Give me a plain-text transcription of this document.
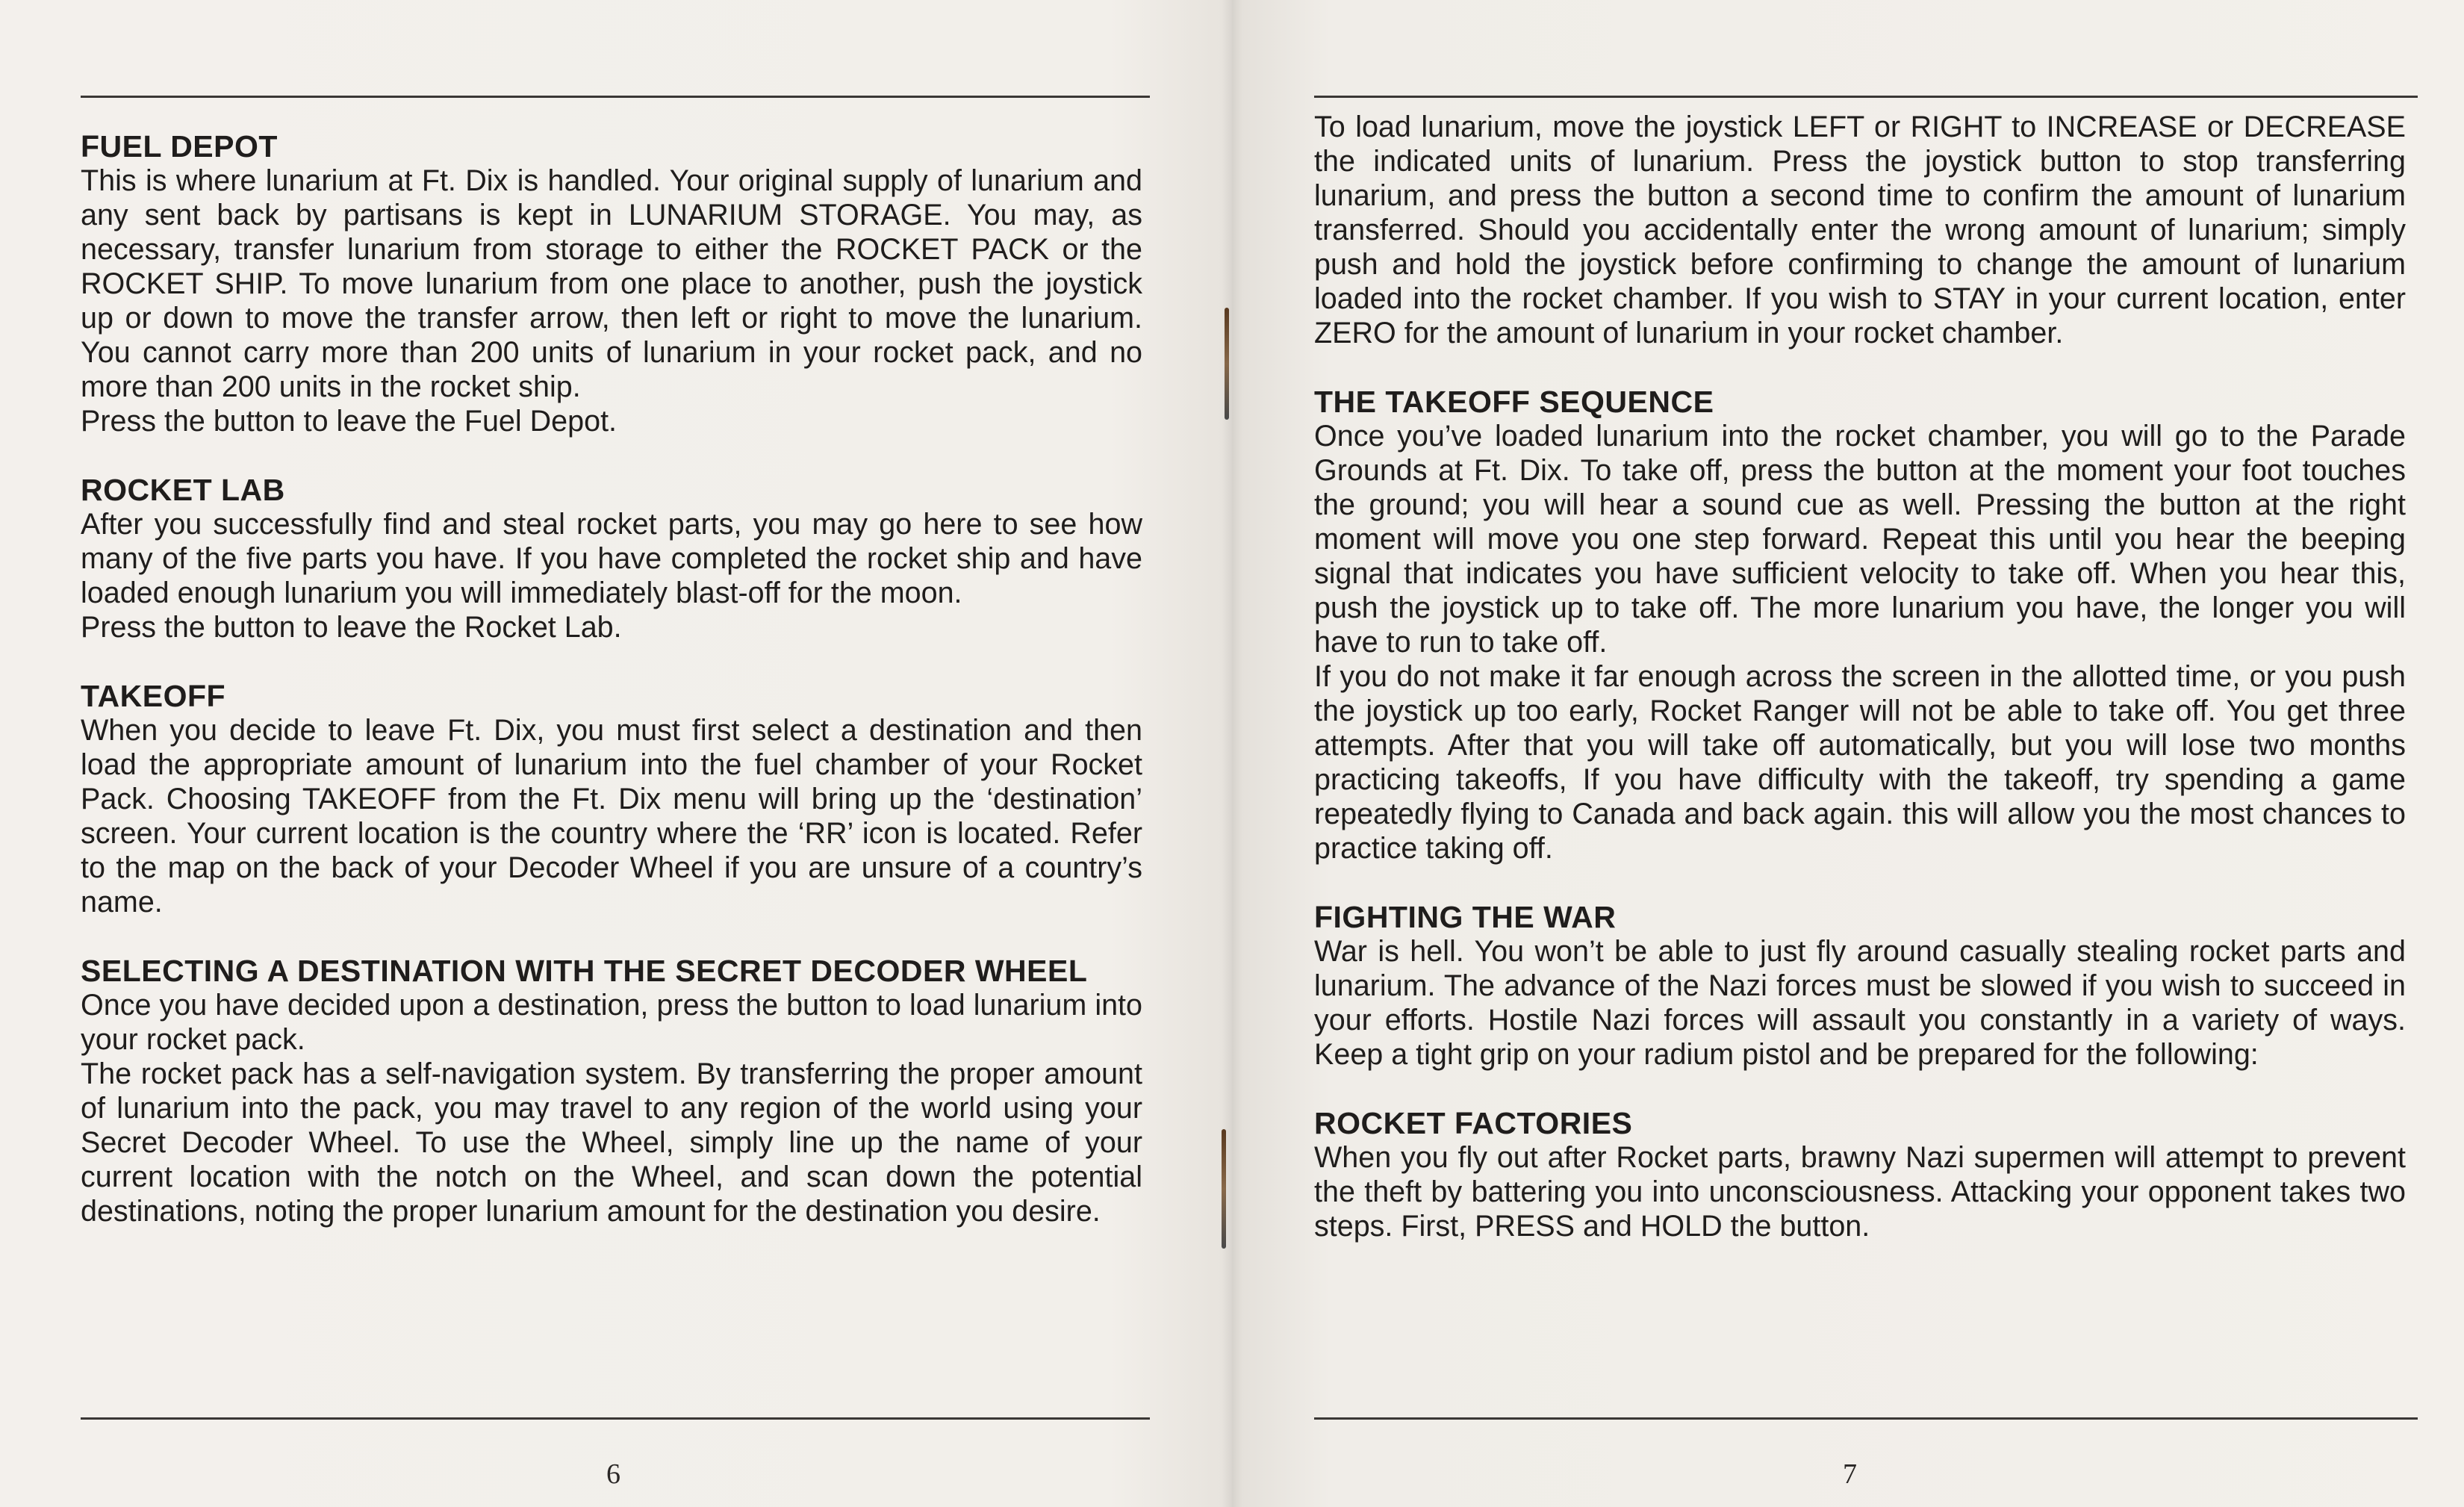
FUEL DEPOT

This is where lunarium at Ft. Dix is handled. Your original supply of lunarium and any sent back by partisans is kept in LUNARIUM STORAGE. You may, as necessary, transfer lunarium from storage to either the ROCKET PACK or the ROCKET SHIP. To move lunarium from one place to another, push the joystick up or down to move the transfer arrow, then left or right to move the lunarium. You cannot carry more than 200 units of lunarium in your rocket pack, and no more than 200 units in the rocket ship.

Press the button to leave the Fuel Depot.

ROCKET LAB

After you successfully find and steal rocket parts, you may go here to see how many of the five parts you have. If you have completed the rocket ship and have loaded enough lunarium you will immediately blast-off for the moon.

Press the button to leave the Rocket Lab.

TAKEOFF

When you decide to leave Ft. Dix, you must first select a destination and then load the appropriate amount of lunarium into the fuel chamber of your Rocket Pack. Choosing TAKEOFF from the Ft. Dix menu will bring up the ‘destination’ screen. Your current location is the country where the ‘RR’ icon is located. Refer to the map on the back of your Decoder Wheel if you are unsure of a country’s name.

SELECTING A DESTINATION WITH THE SECRET DECODER WHEEL

Once you have decided upon a destination, press the button to load lunarium into your rocket pack.

The rocket pack has a self-navigation system. By transferring the proper amount of lunarium into the pack, you may travel to any region of the world using your Secret Decoder Wheel. To use the Wheel, simply line up the name of your current location with the notch on the Wheel, and scan down the potential destinations, noting the proper lunarium amount for the destination you desire.

6

To load lunarium, move the joystick LEFT or RIGHT to INCREASE or DECREASE the indicated units of lunarium. Press the joystick button to stop transferring lunarium, and press the button a second time to confirm the amount of lunarium transferred. Should you accidentally enter the wrong amount of lunarium; simply push and hold the joystick before confirming to change the amount of lunarium loaded into the rocket chamber. If you wish to STAY in your current location, enter ZERO for the amount of lunarium in your rocket chamber.

THE TAKEOFF SEQUENCE

Once you’ve loaded lunarium into the rocket chamber, you will go to the Parade Grounds at Ft. Dix. To take off, press the button at the moment your foot touches the ground; you will hear a sound cue as well. Pressing the button at the right moment will move you one step forward. Repeat this until you hear the beeping signal that indicates you have sufficient velocity to take off. When you hear this, push the joystick up to take off. The more lunarium you have, the longer you will have to run to take off.

If you do not make it far enough across the screen in the allotted time, or you push the joystick up too early, Rocket Ranger will not be able to take off. You get three attempts. After that you will take off automatically, but you will lose two months practicing takeoffs, If you have difficulty with the takeoff, try spending a game repeatedly flying to Canada and back again. this will allow you the most chances to practice taking off.

FIGHTING THE WAR

War is hell. You won’t be able to just fly around casually stealing rocket parts and lunarium. The advance of the Nazi forces must be slowed if you wish to succeed in your efforts. Hostile Nazi forces will assault you constantly in a variety of ways. Keep a tight grip on your radium pistol and be prepared for the following:

ROCKET FACTORIES

When you fly out after Rocket parts, brawny Nazi supermen will attempt to prevent the theft by battering you into unconsciousness. Attacking your opponent takes two steps. First, PRESS and HOLD the button.

7
